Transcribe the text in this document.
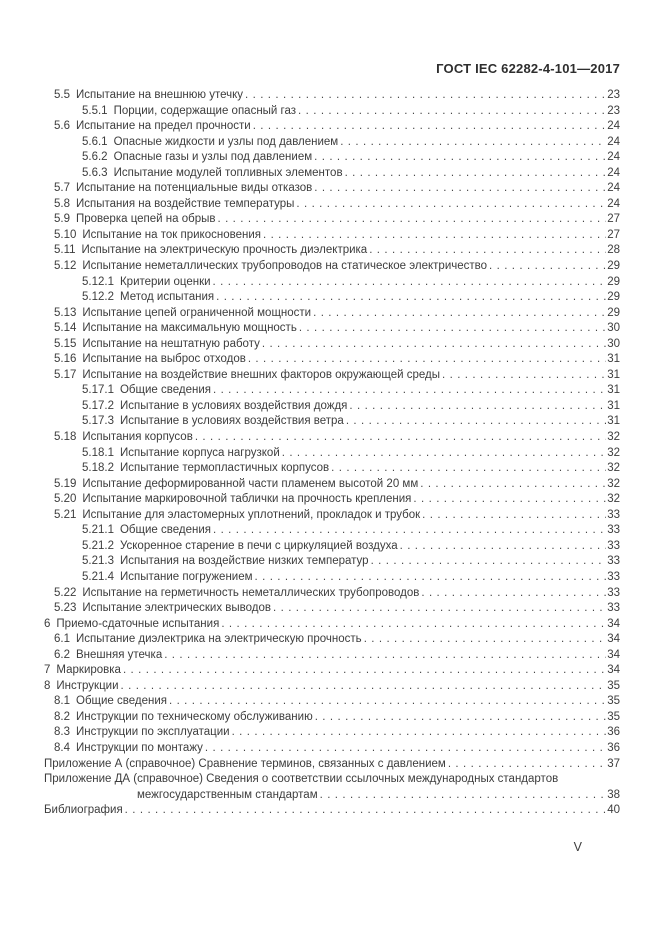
ГОСТ IEC 62282-4-101—2017
5.5 Испытание на внешнюю утечку . . .	23
5.5.1 Порции, содержащие опасный газ . . .	23
5.6 Испытание на предел прочности . . .	24
5.6.1 Опасные жидкости и узлы под давлением . . .	24
5.6.2 Опасные газы и узлы под давлением . . .	24
5.6.3 Испытание модулей топливных элементов . . .	24
5.7 Испытание на потенциальные виды отказов . . .	24
5.8 Испытания на воздействие температуры . . .	24
5.9 Проверка цепей на обрыв . . .	27
5.10 Испытание на ток прикосновения . . .	27
5.11 Испытание на электрическую прочность диэлектрика . . .	28
5.12 Испытание неметаллических трубопроводов на статическое электричество . . .	29
5.12.1 Критерии оценки . . .	29
5.12.2 Метод испытания . . .	29
5.13 Испытание цепей ограниченной мощности . . .	29
5.14 Испытание на максимальную мощность . . .	30
5.15 Испытание на нештатную работу . . .	30
5.16 Испытание на выброс отходов . . .	31
5.17 Испытание на воздействие внешних факторов окружающей среды . . .	31
5.17.1 Общие сведения . . .	31
5.17.2 Испытание в условиях воздействия дождя . . .	31
5.17.3 Испытание в условиях воздействия ветра . . .	31
5.18 Испытания корпусов . . .	32
5.18.1 Испытание корпуса нагрузкой . . .	32
5.18.2 Испытание термопластичных корпусов . . .	32
5.19 Испытание деформированной части пламенем высотой 20 мм . . .	32
5.20 Испытание маркировочной таблички на прочность крепления . . .	32
5.21 Испытание для эластомерных уплотнений, прокладок и трубок . . .	33
5.21.1 Общие сведения . . .	33
5.21.2 Ускоренное старение в печи с циркуляцией воздуха . . .	33
5.21.3 Испытания на воздействие низких температур . . .	33
5.21.4 Испытание погружением . . .	33
5.22 Испытание на герметичность неметаллических трубопроводов . . .	33
5.23 Испытание электрических выводов . . .	33
6 Приемо-сдаточные испытания . . .	34
6.1 Испытание диэлектрика на электрическую прочность . . .	34
6.2 Внешняя утечка . . .	34
7 Маркировка . . .	34
8 Инструкции . . .	35
8.1 Общие сведения . . .	35
8.2 Инструкции по техническому обслуживанию . . .	35
8.3 Инструкции по эксплуатации . . .	36
8.4 Инструкции по монтажу . . .	36
Приложение А (справочное) Сравнение терминов, связанных с давлением . . .	37
Приложение ДА (справочное) Сведения о соответствии ссылочных международных стандартов
межгосударственным стандартам . . .	38
Библиография . . .	40
V
